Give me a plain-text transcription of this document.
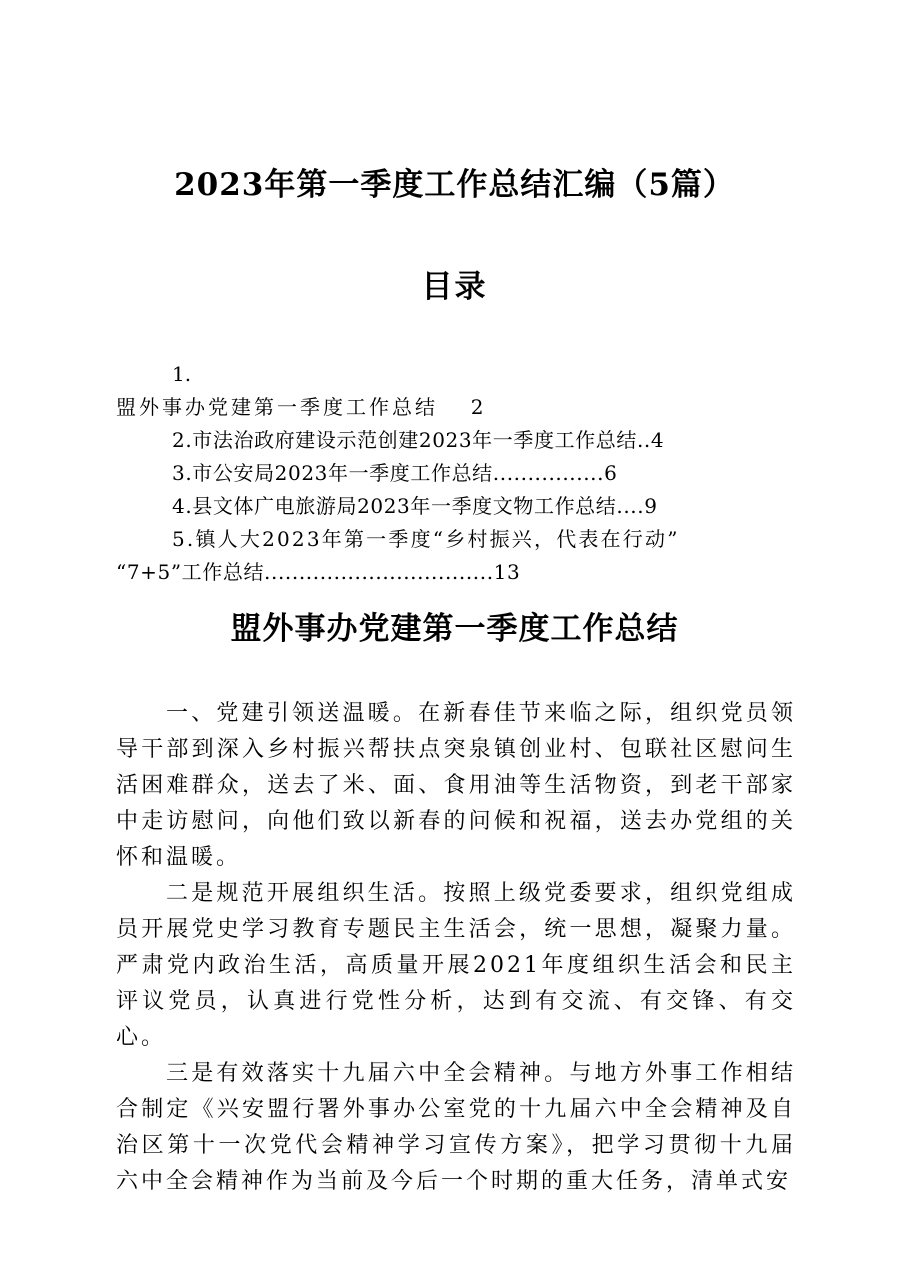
2023年第一季度工作总结汇编（5篇）
目录
1.
盟外事办党建第一季度工作总结 2
2.市法治政府建设示范创建2023年一季度工作总结..4
3.市公安局2023年一季度工作总结................6
4.县文体广电旅游局2023年一季度文物工作总结....9
5.镇人大2023年第一季度“乡村振兴，代表在行动”
“7+5”工作总结.................................13
盟外事办党建第一季度工作总结

一、党建引领送温暖。在新春佳节来临之际，组织党员领导干部到深入乡村振兴帮扶点突泉镇创业村、包联社区慰问生活困难群众，送去了米、面、食用油等生活物资，到老干部家中走访慰问，向他们致以新春的问候和祝福，送去办党组的关怀和温暖。

二是规范开展组织生活。按照上级党委要求，组织党组成员开展党史学习教育专题民主生活会，统一思想，凝聚力量。严肃党内政治生活，高质量开展2021年度组织生活会和民主评议党员，认真进行党性分析，达到有交流、有交锋、有交心。

三是有效落实十九届六中全会精神。与地方外事工作相结合制定《兴安盟行署外事办公室党的十九届六中全会精神及自治区第十一次党代会精神学习宣传方案》，把学习贯彻十九届六中全会精神作为当前及今后一个时期的重大任务，清单式安
